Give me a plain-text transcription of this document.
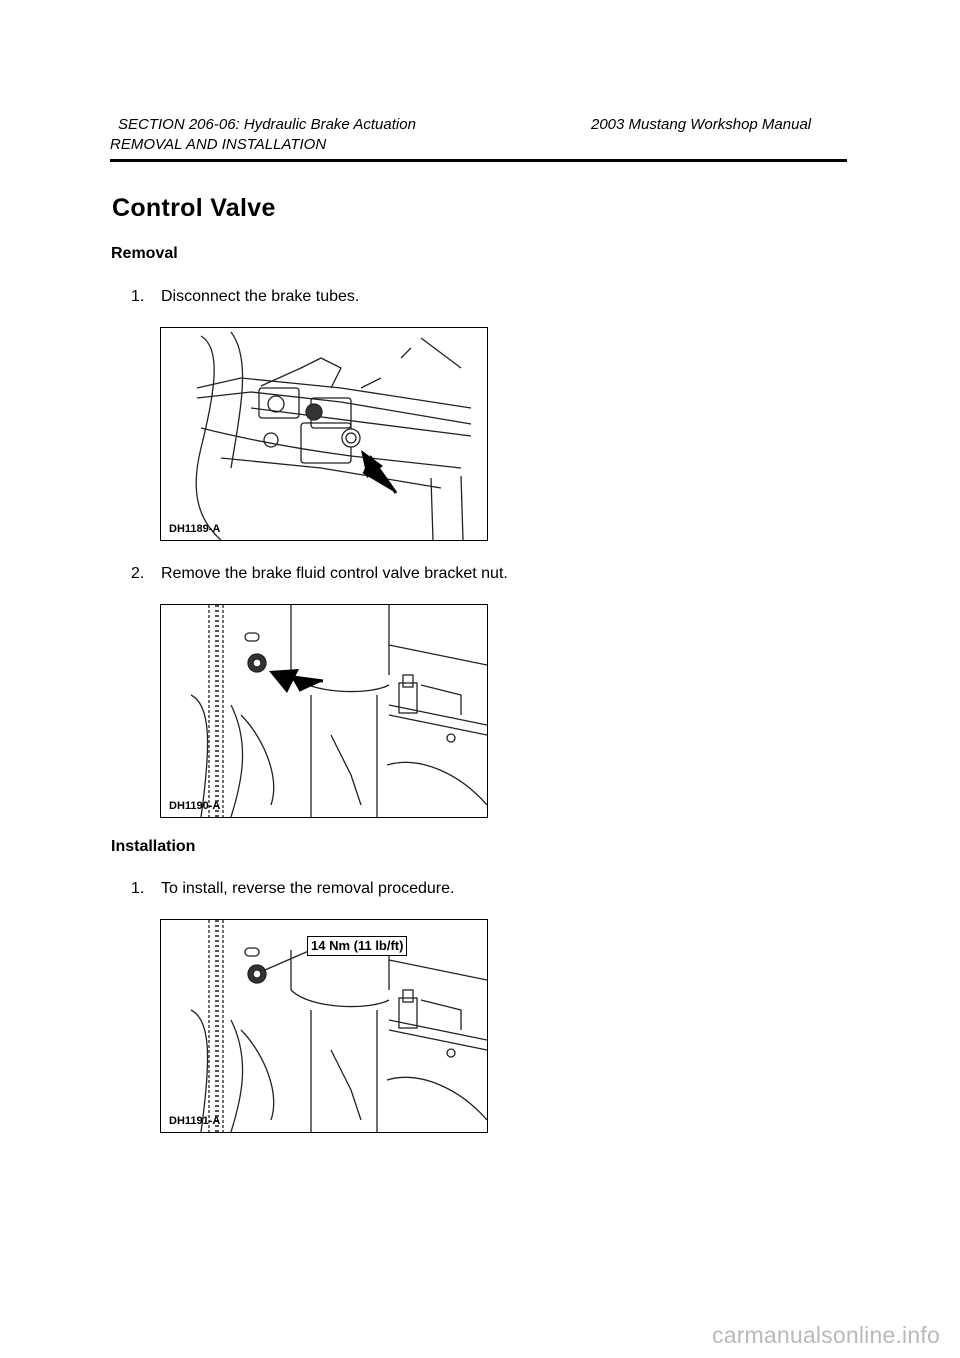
SECTION 206-06: Hydraulic Brake Actuation	2003 Mustang Workshop Manual
REMOVAL AND INSTALLATION
Control Valve
Removal
1. Disconnect the brake tubes.
DH1189-A
2. Remove the brake fluid control valve bracket nut.
DH1190-A
Installation
1. To install, reverse the removal procedure.
14 Nm (11 lb/ft)
DH1191-A
carmanualsonline.info
